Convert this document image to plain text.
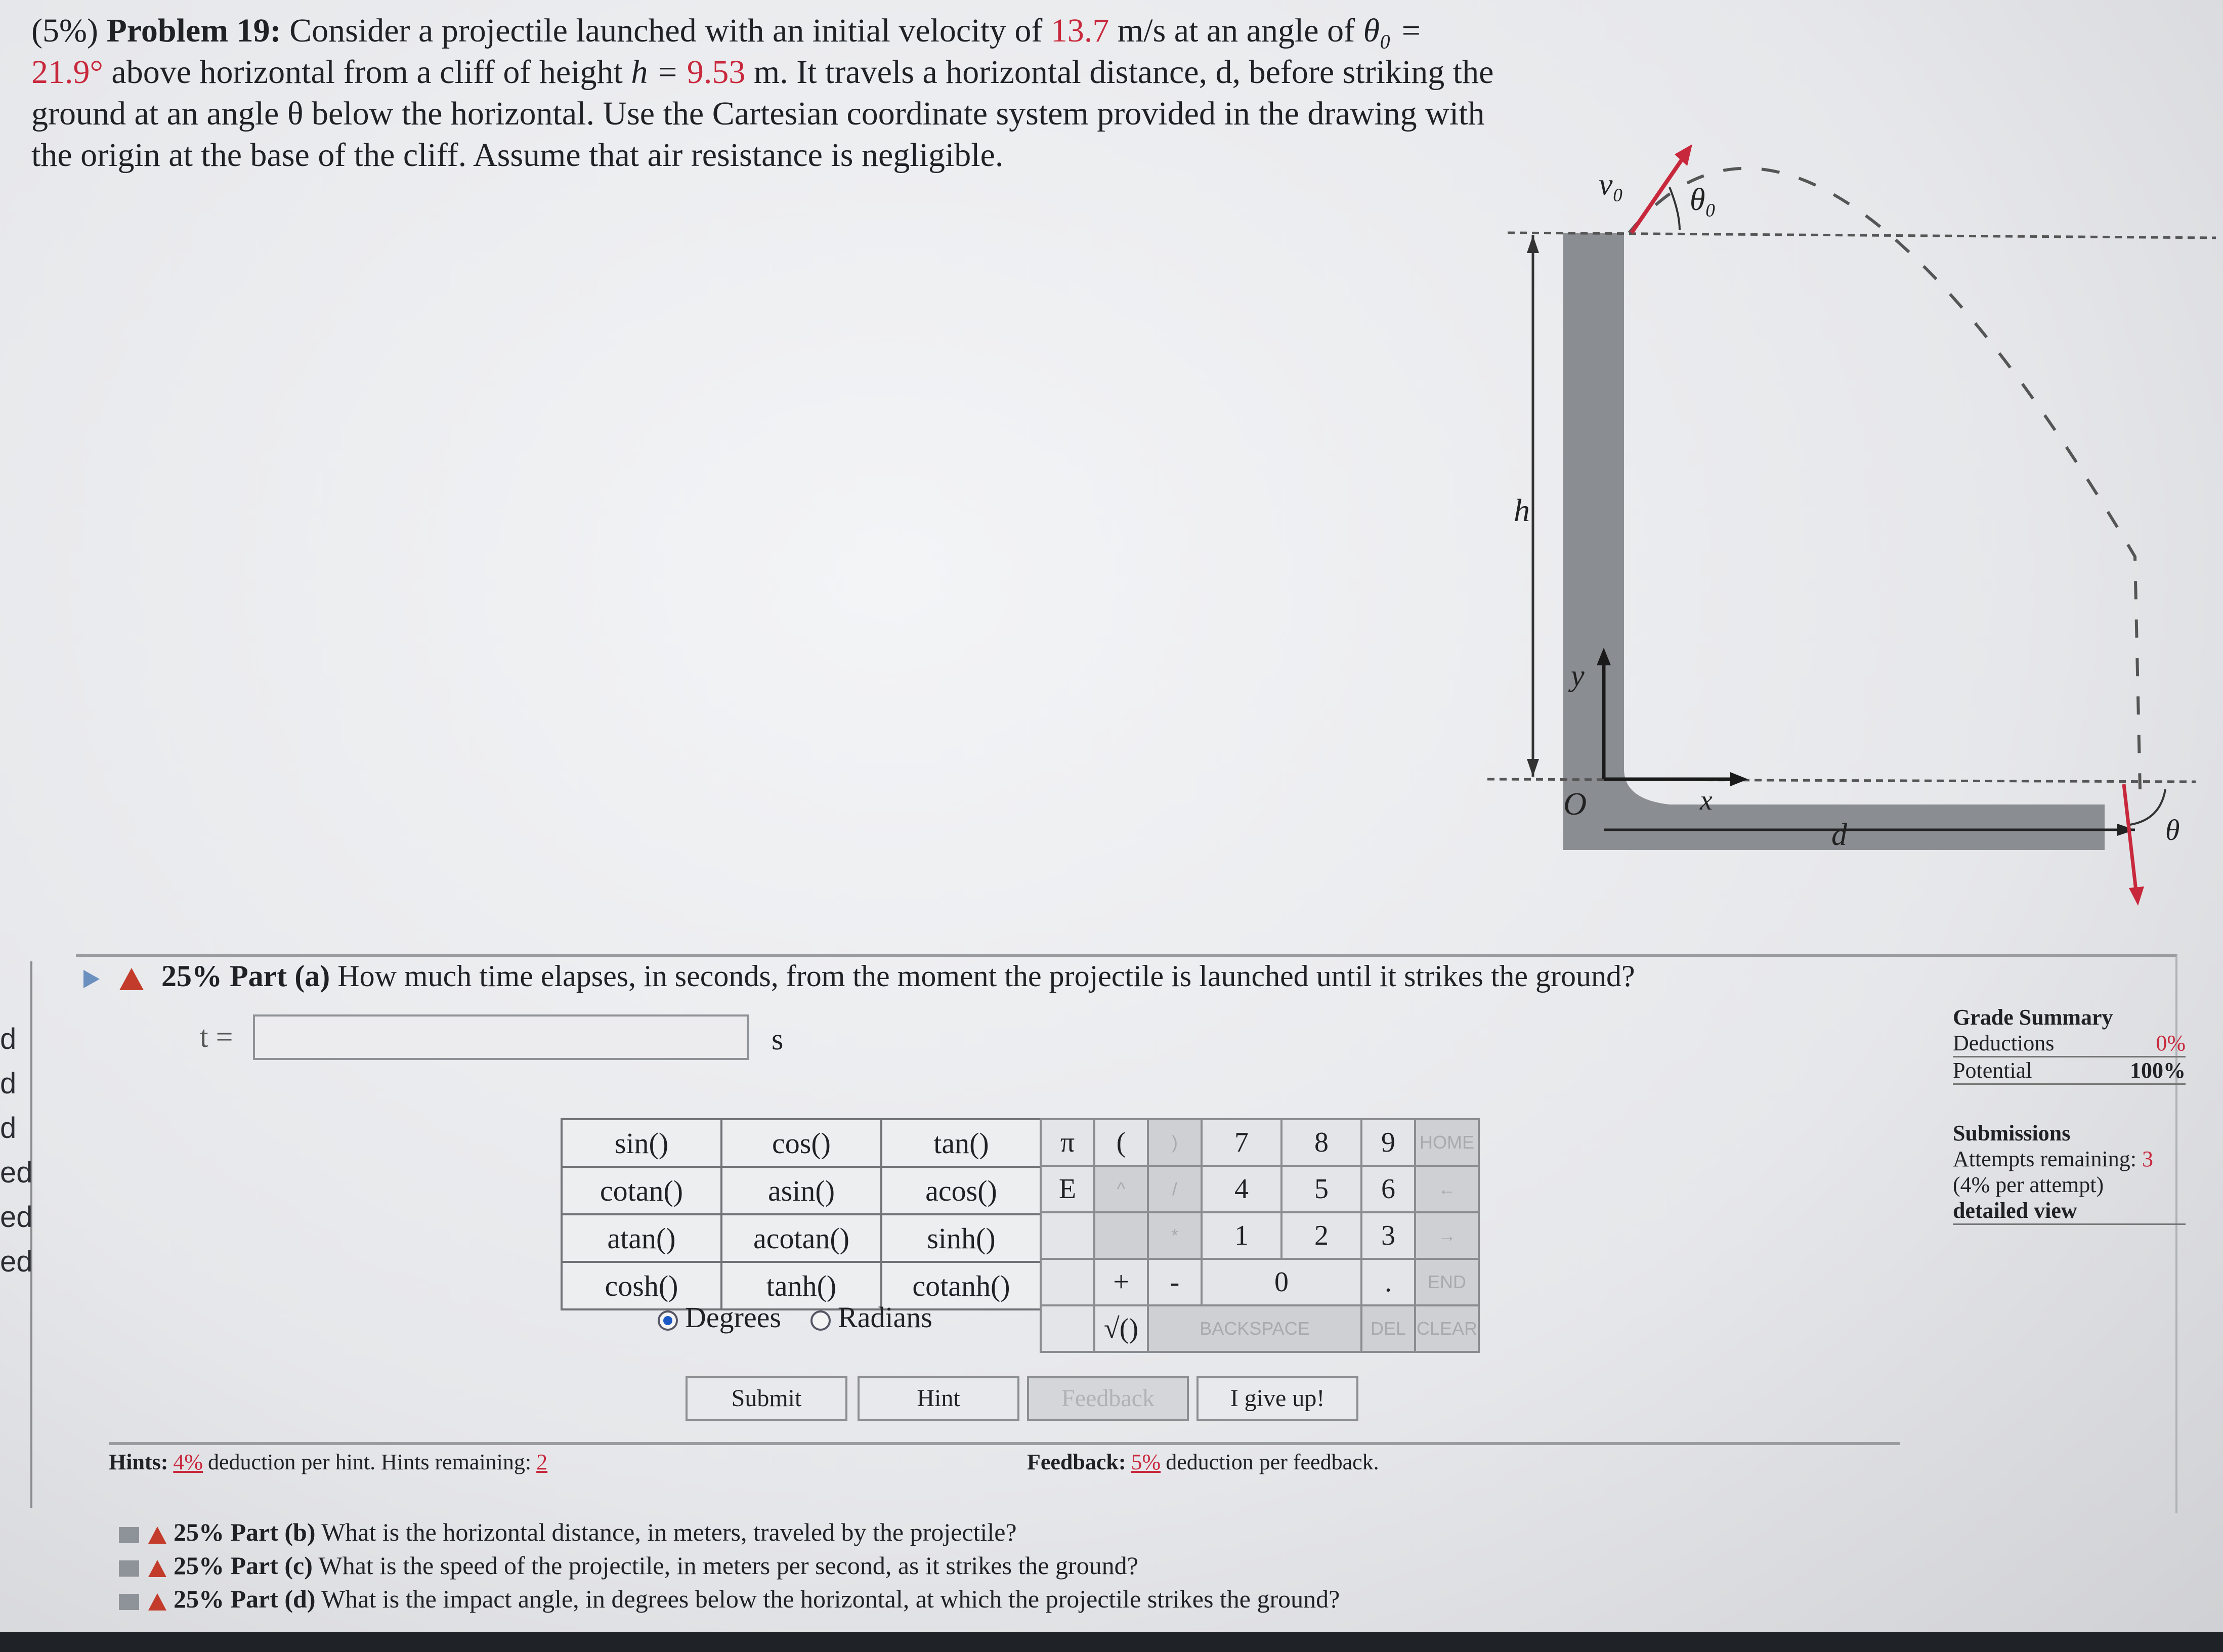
d
d
d
ed
ed
ed
(5%) Problem 19: Consider a projectile launched with an initial velocity of 13.7 m/s at an angle of θ₀ = 21.9° above horizontal from a cliff of height h = 9.53 m. It travels a horizontal distance, d, before striking the ground at an angle θ below the horizontal. Use the Cartesian coordinate system provided in the drawing with the origin at the base of the cliff. Assume that air resistance is negligible.
h
v₀ θ₀
y
x
O
d	θ
25% Part (a) How much time elapses, in seconds, from the moment the projectile is launched until it strikes the ground?
t =	s
sin()	cos()	tan()
cotan()	asin()	acos()
atan()	acotan()	sinh()
cosh()	tanh()	cotanh()
π	(	)	7	8	9	HOME
E	^	/	4	5	6	←
		*	1	2	3	→
	+	-	0		.	END
	√()	BACKSPACE			DEL	CLEAR
Degrees Radians
Submit	Hint	Feedback	I give up!
Hints: 4% deduction per hint. Hints remaining: 2	Feedback: 5% deduction per feedback.
Grade Summary
Deductions	0%
Potential	100%
Submissions
Attempts remaining: 3
(4% per attempt)
detailed view
25% Part (b) What is the horizontal distance, in meters, traveled by the projectile?
25% Part (c) What is the speed of the projectile, in meters per second, as it strikes the ground?
25% Part (d) What is the impact angle, in degrees below the horizontal, at which the projectile strikes the ground?
